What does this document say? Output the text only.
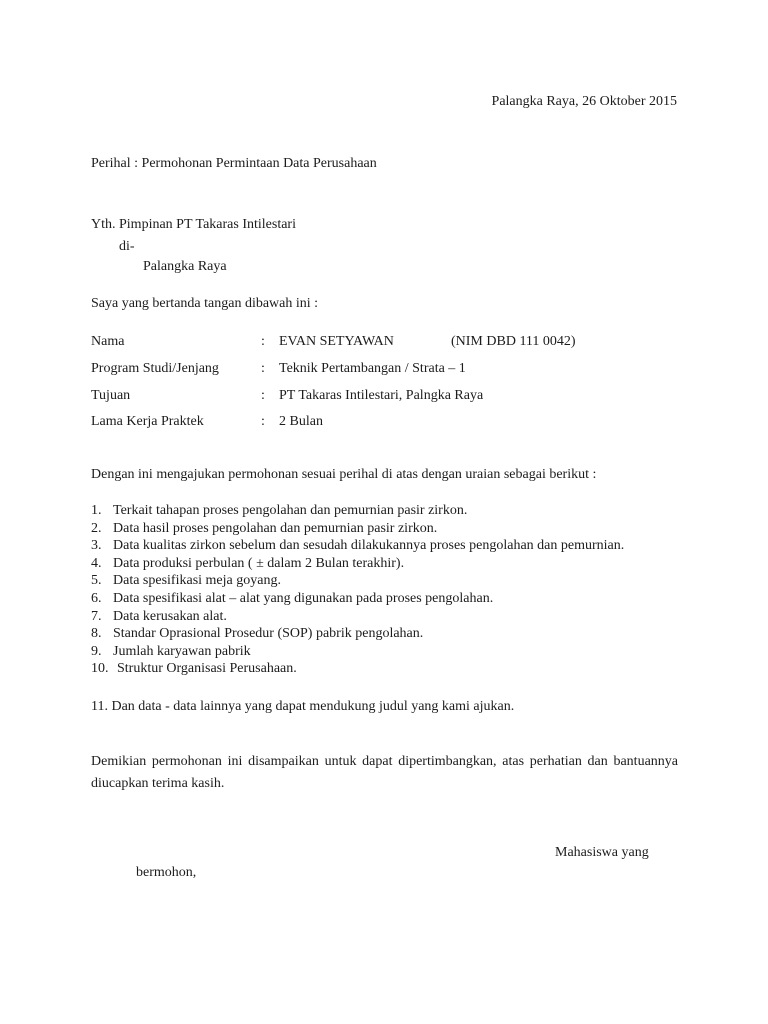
Palangka Raya, 26 Oktober 2015
Perihal : Permohonan Permintaan Data Perusahaan
Yth. Pimpinan PT Takaras Intilestari
di-
Palangka Raya
Saya yang bertanda tangan dibawah ini :
Nama	: EVAN SETYAWAN	(NIM DBD 111 0042)
Program Studi/Jenjang	: Teknik Pertambangan / Strata – 1
Tujuan	: PT Takaras Intilestari, Palngka Raya
Lama Kerja Praktek	: 2 Bulan
Dengan ini mengajukan permohonan sesuai perihal di atas dengan uraian sebagai berikut :
1. Terkait tahapan proses pengolahan dan pemurnian pasir zirkon.
2. Data hasil proses pengolahan dan pemurnian pasir zirkon.
3. Data kualitas zirkon sebelum dan sesudah dilakukannya proses pengolahan dan pemurnian.
4. Data produksi perbulan ( ± dalam 2 Bulan terakhir).
5. Data spesifikasi meja goyang.
6. Data spesifikasi alat – alat yang digunakan pada proses pengolahan.
7. Data kerusakan alat.
8. Standar Oprasional Prosedur (SOP) pabrik pengolahan.
9. Jumlah karyawan pabrik
10. Struktur Organisasi Perusahaan.
11. Dan data - data lainnya yang dapat mendukung judul yang kami ajukan.
Demikian permohonan ini disampaikan untuk dapat dipertimbangkan, atas perhatian dan bantuannya diucapkan terima kasih.
Mahasiswa yang
bermohon,
